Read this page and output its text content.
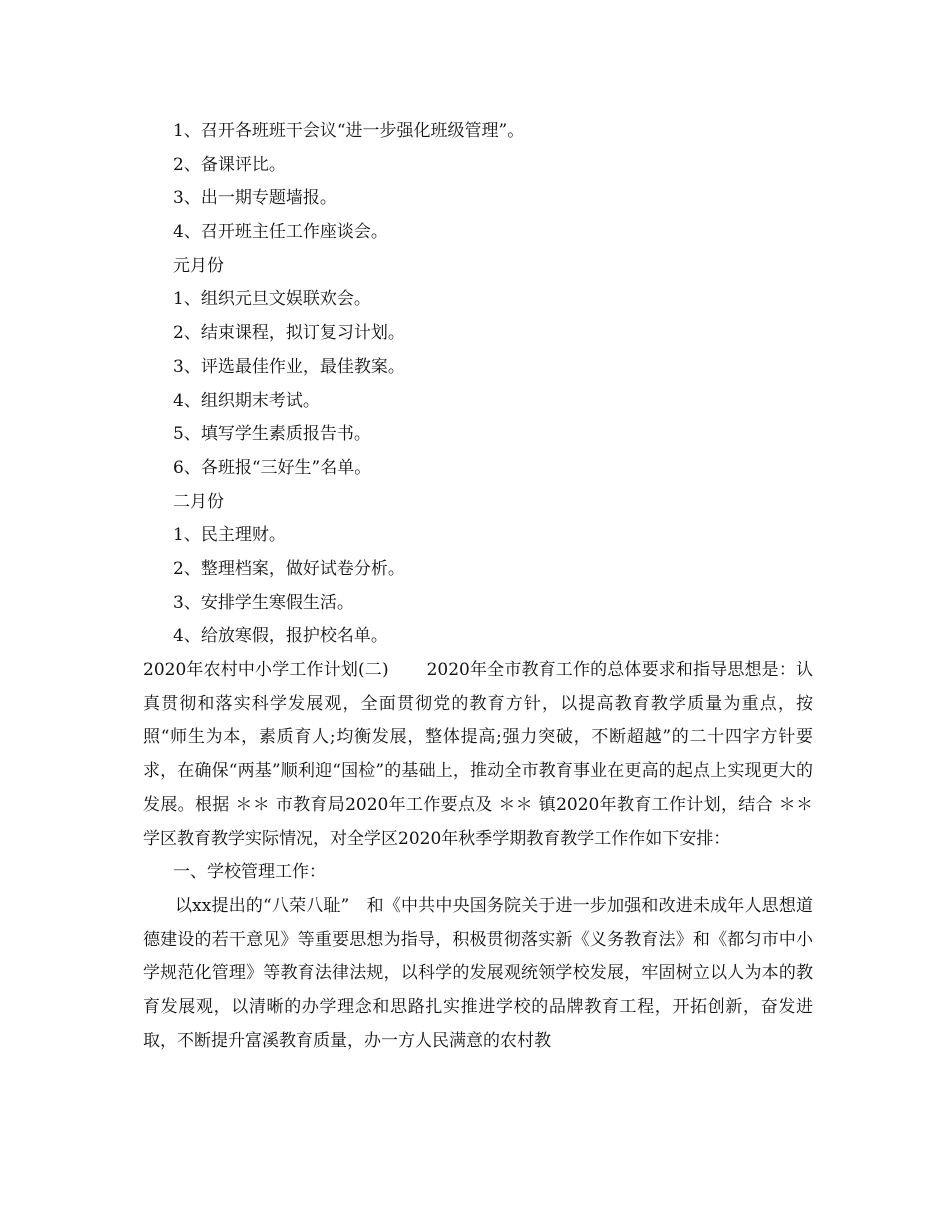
1、召开各班班干会议“进一步强化班级管理”。
2、备课评比。
3、出一期专题墙报。
4、召开班主任工作座谈会。
元月份
1、组织元旦文娱联欢会。
2、结束课程，拟订复习计划。
3、评选最佳作业，最佳教案。
4、组织期末考试。
5、填写学生素质报告书。
6、各班报“三好生”名单。
二月份
1、民主理财。
2、整理档案，做好试卷分析。
3、安排学生寒假生活。
4、给放寒假，报护校名单。

2020年农村中小学工作计划(二) 2020年全市教育工作的总体要求和指导思想是：认真贯彻和落实科学发展观，全面贯彻党的教育方针，以提高教育教学质量为重点，按照“师生为本，素质育人;均衡发展，整体提高;强力突破，不断超越”的二十四字方针要求，在确保“两基”顺利迎“国检”的基础上，推动全市教育事业在更高的起点上实现更大的发展。根据 ＊＊ 市教育局2020年工作要点及 ＊＊ 镇2020年教育工作计划，结合 ＊＊ 学区教育教学实际情况，对全学区2020年秋季学期教育教学工作作如下安排：

一、学校管理工作：

以xx提出的“八荣八耻”　和《中共中央国务院关于进一步加强和改进未成年人思想道德建设的若干意见》等重要思想为指导，积极贯彻落实新《义务教育法》和《都匀市中小学规范化管理》等教育法律法规，以科学的发展观统领学校发展，牢固树立以人为本的教育发展观，以清晰的办学理念和思路扎实推进学校的品牌教育工程，开拓创新，奋发进取，不断提升富溪教育质量，办一方人民满意的农村教
